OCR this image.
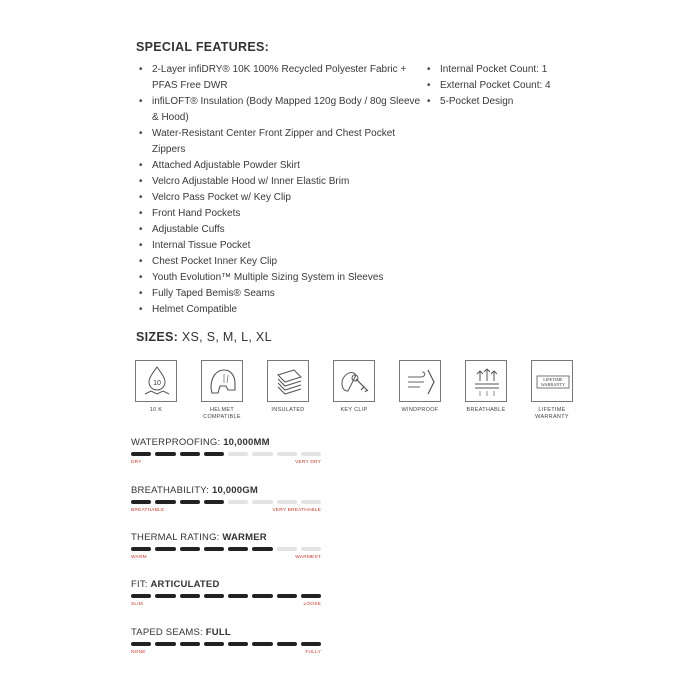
SPECIAL FEATURES:
• 2-Layer infiDRY® 10K 100% Recycled Polyester Fabric + PFAS Free DWR
• infiLOFT® Insulation (Body Mapped 120g Body / 80g Sleeve & Hood)
• Water-Resistant Center Front Zipper and Chest Pocket Zippers
• Attached Adjustable Powder Skirt
• Velcro Adjustable Hood w/ Inner Elastic Brim
• Velcro Pass Pocket w/ Key Clip
• Front Hand Pockets
• Adjustable Cuffs
• Internal Tissue Pocket
• Chest Pocket Inner Key Clip
• Youth Evolution™ Multiple Sizing System in Sleeves
• Fully Taped Bemis® Seams
• Helmet Compatible
• Internal Pocket Count: 1
• External Pocket Count: 4
• 5-Pocket Design
SIZES: XS, S, M, L, XL
10
10 K	HELMET COMPATIBLE
INSULATED	KEY CLIP	WINDPROOF	BREATHABLE
LIFETIME WARRANTY
LIFETIME WARRANTY
WATERPROOFING: 10,000MM
DRY	VERY DRY
BREATHABILITY: 10,000GM
BREATHABLE	VERY BREATHABLE
THERMAL RATING: WARMER
WARM	WARMEST
FIT: ARTICULATED
SLIM	LOOSE
TAPED SEAMS: FULL
NONE	FULLY
